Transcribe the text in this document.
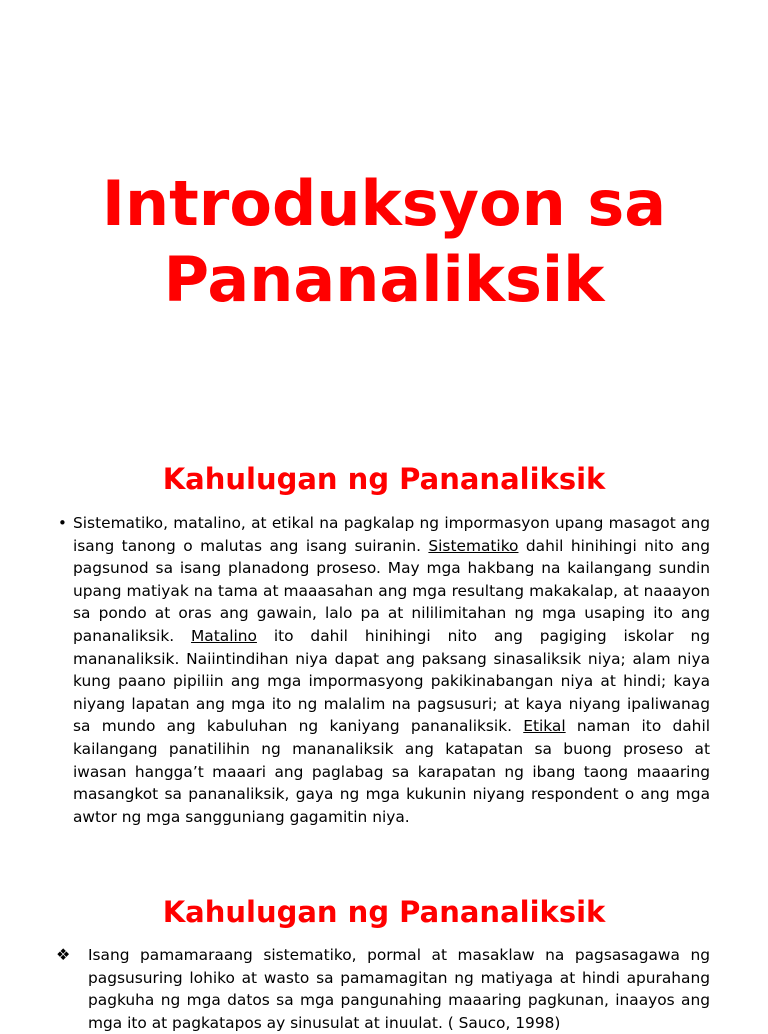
Introduksyon sa
Pananaliksik
Kahulugan ng Pananaliksik
• Sistematiko, matalino, at etikal na pagkalap ng impormasyon upang masagot ang isang tanong o malutas ang isang suiranin. Sistematiko dahil hinihingi nito ang pagsunod sa isang planadong proseso. May mga hakbang na kailangang sundin upang matiyak na tama at maaasahan ang mga resultang makakalap, at naaayon sa pondo at oras ang gawain, lalo pa at nililimitahan ng mga usaping ito ang pananaliksik. Matalino ito dahil hinihingi nito ang pagiging iskolar ng mananaliksik. Naiintindihan niya dapat ang paksang sinasaliksik niya; alam niya kung paano pipiliin ang mga impormasyong pakikinabangan niya at hindi; kaya niyang lapatan ang mga ito ng malalim na pagsusuri; at kaya niyang ipaliwanag sa mundo ang kabuluhan ng kaniyang pananaliksik. Etikal naman ito dahil kailangang panatilihin ng mananaliksik ang katapatan sa buong proseso at iwasan hangga’t maaari ang paglabag sa karapatan ng ibang taong maaaring masangkot sa pananaliksik, gaya ng mga kukunin niyang respondent o ang mga awtor ng mga sangguniang gagamitin niya.

Kahulugan ng Pananaliksik
❖	Isang pamamaraang sistematiko, pormal at masaklaw na pagsasagawa ng pagsusuring lohiko at wasto sa pamamagitan ng matiyaga at hindi apurahang pagkuha ng mga datos sa mga pangunahing maaaring pagkunan, inaayos ang mga ito at pagkatapos ay sinusulat at inuulat. ( Sauco, 1998)
